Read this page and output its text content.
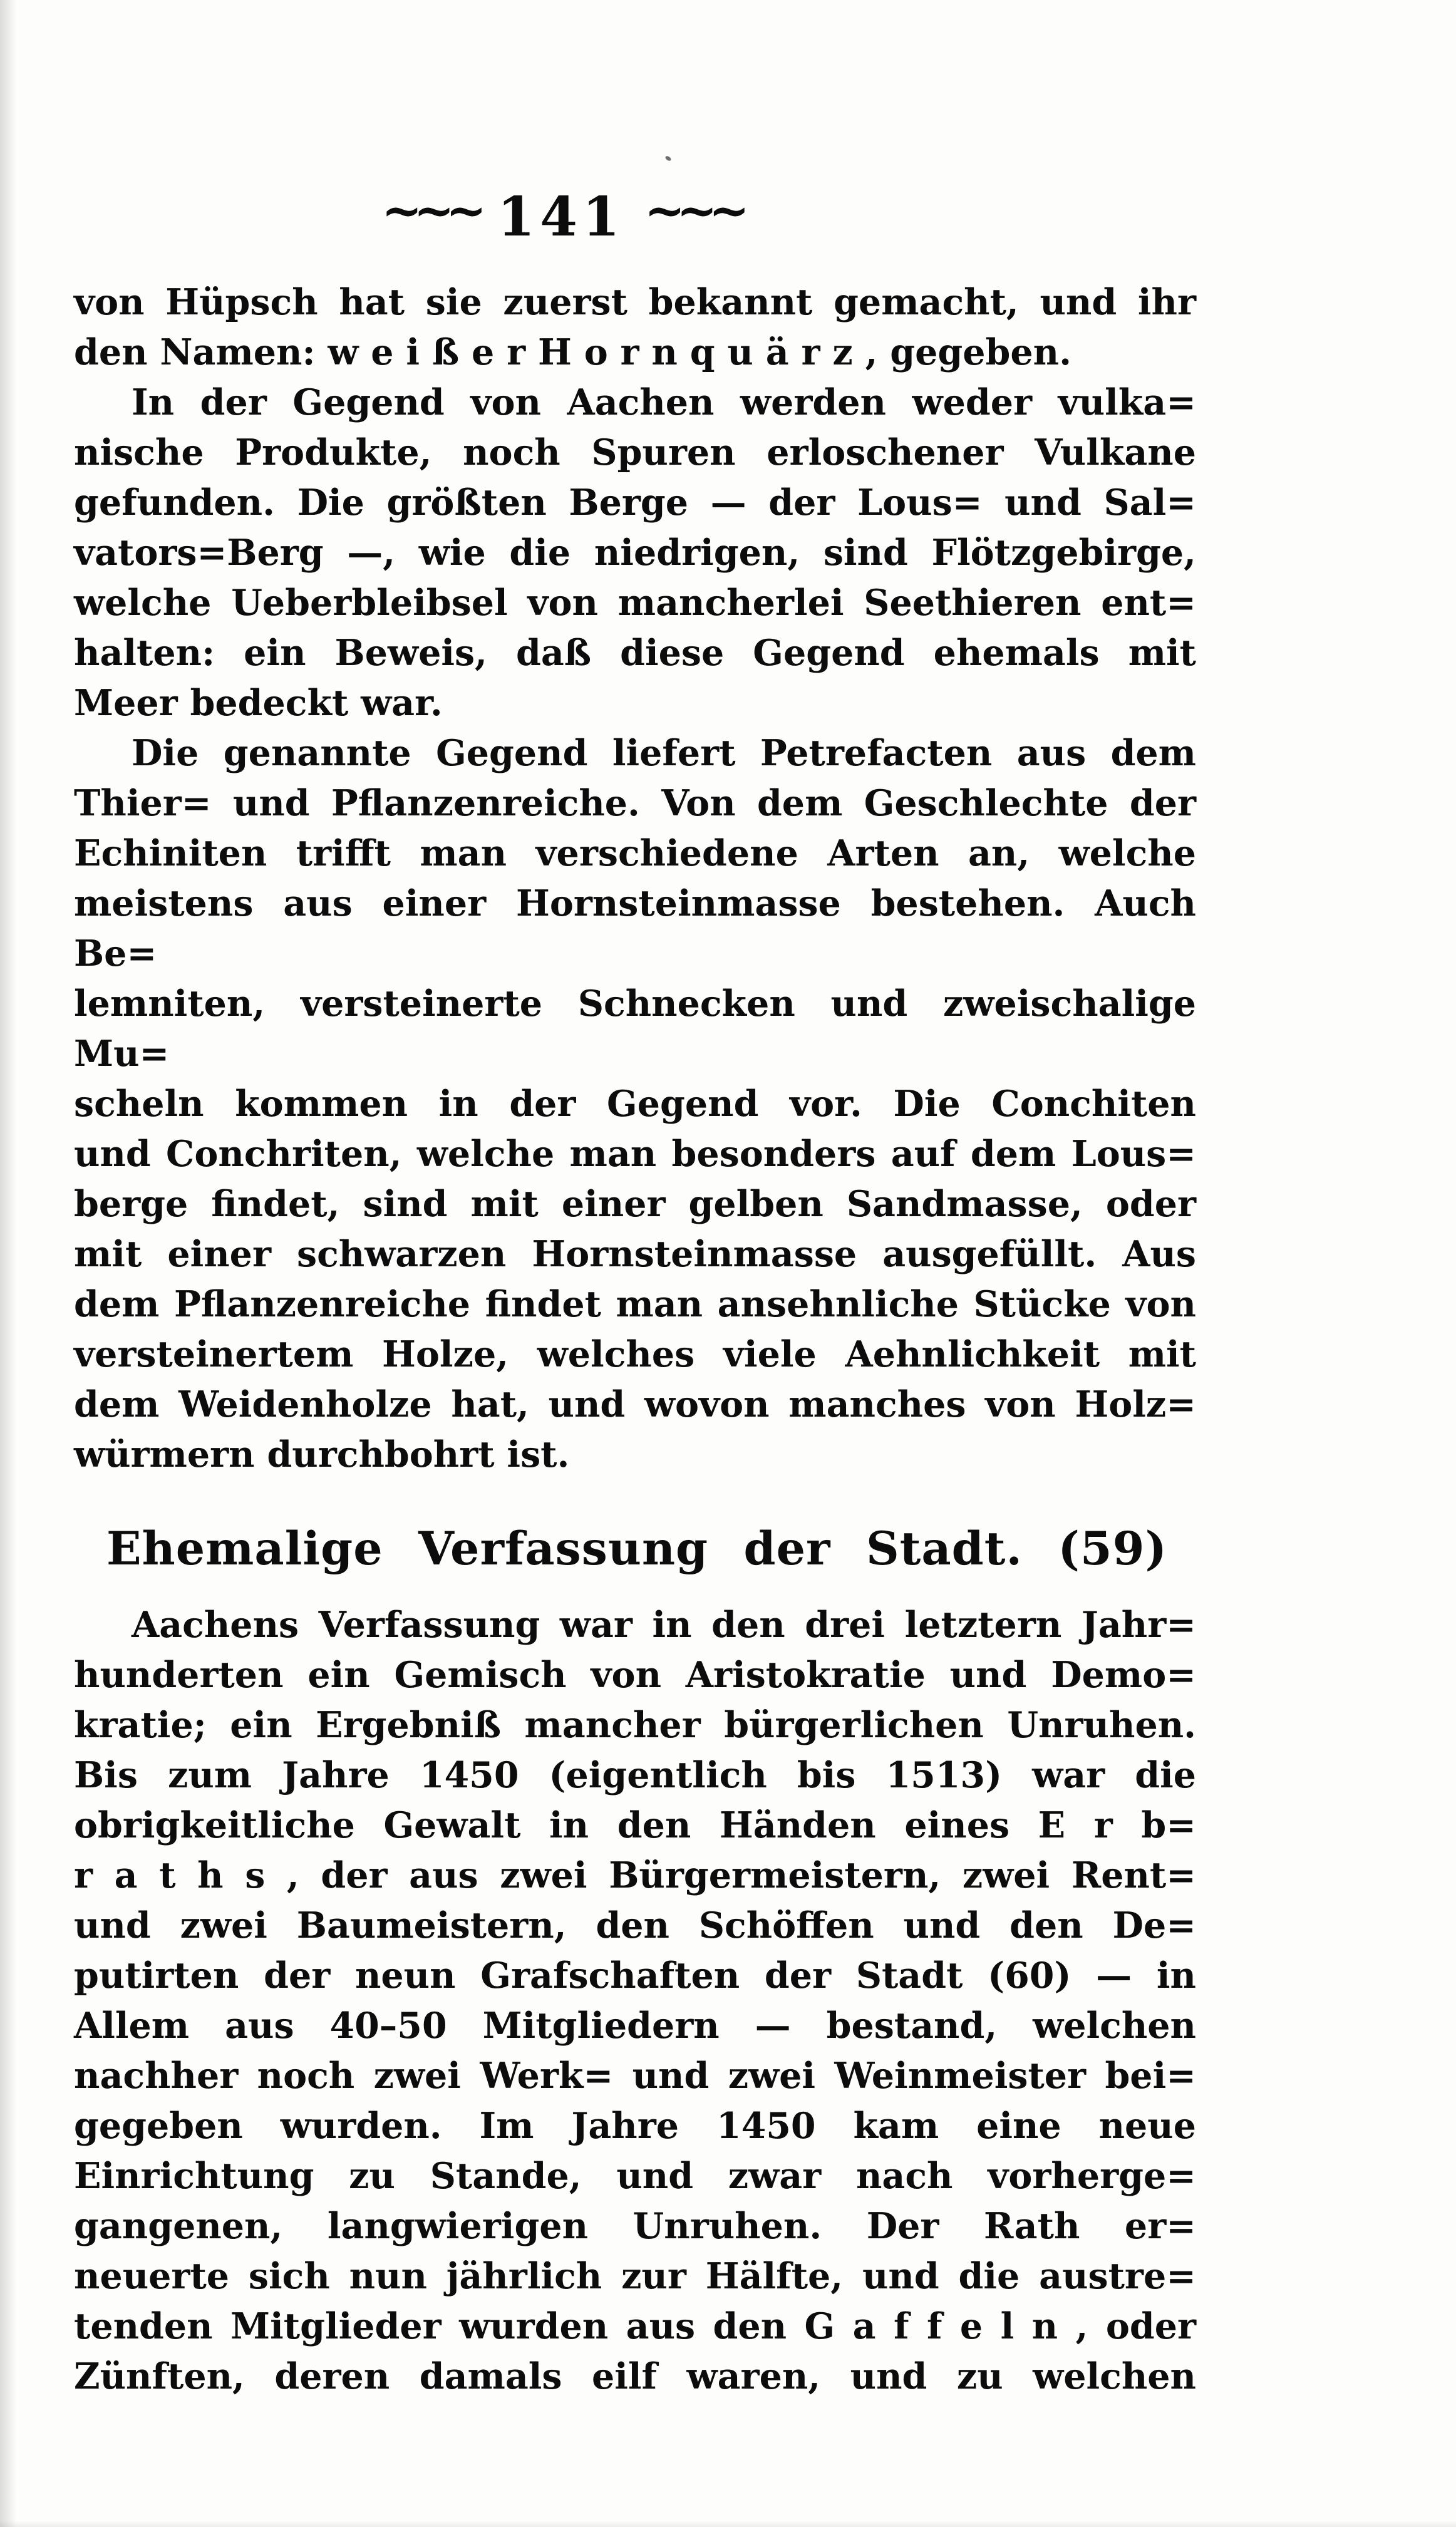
~~~ 141 ~~~
von Hüpsch hat sie zuerst bekannt gemacht, und ihr
den Namen: w e i ß e r H o r n q u ä r z , gegeben.
In der Gegend von Aachen werden weder vulka=
nische Produkte, noch Spuren erloschener Vulkane
gefunden. Die größten Berge — der Lous= und Sal=
vators=Berg —, wie die niedrigen, sind Flötzgebirge,
welche Ueberbleibsel von mancherlei Seethieren ent=
halten: ein Beweis, daß diese Gegend ehemals mit
Meer bedeckt war.
Die genannte Gegend liefert Petrefacten aus dem
Thier= und Pflanzenreiche. Von dem Geschlechte der
Echiniten trifft man verschiedene Arten an, welche
meistens aus einer Hornsteinmasse bestehen. Auch Be=
lemniten, versteinerte Schnecken und zweischalige Mu=
scheln kommen in der Gegend vor. Die Conchiten
und Conchriten, welche man besonders auf dem Lous=
berge findet, sind mit einer gelben Sandmasse, oder
mit einer schwarzen Hornsteinmasse ausgefüllt. Aus
dem Pflanzenreiche findet man ansehnliche Stücke von
versteinertem Holze, welches viele Aehnlichkeit mit
dem Weidenholze hat, und wovon manches von Holz=
würmern durchbohrt ist.
Ehemalige Verfassung der Stadt. (59)
Aachens Verfassung war in den drei letztern Jahr=
hunderten ein Gemisch von Aristokratie und Demo=
kratie; ein Ergebniß mancher bürgerlichen Unruhen.
Bis zum Jahre 1450 (eigentlich bis 1513) war die
obrigkeitliche Gewalt in den Händen eines E r b=
r a t h s , der aus zwei Bürgermeistern, zwei Rent=
und zwei Baumeistern, den Schöffen und den De=
putirten der neun Grafschaften der Stadt (60) — in
Allem aus 40–50 Mitgliedern — bestand, welchen
nachher noch zwei Werk= und zwei Weinmeister bei=
gegeben wurden. Im Jahre 1450 kam eine neue
Einrichtung zu Stande, und zwar nach vorherge=
gangenen, langwierigen Unruhen. Der Rath er=
neuerte sich nun jährlich zur Hälfte, und die austre=
tenden Mitglieder wurden aus den G a f f e l n , oder
Zünften, deren damals eilf waren, und zu welchen
